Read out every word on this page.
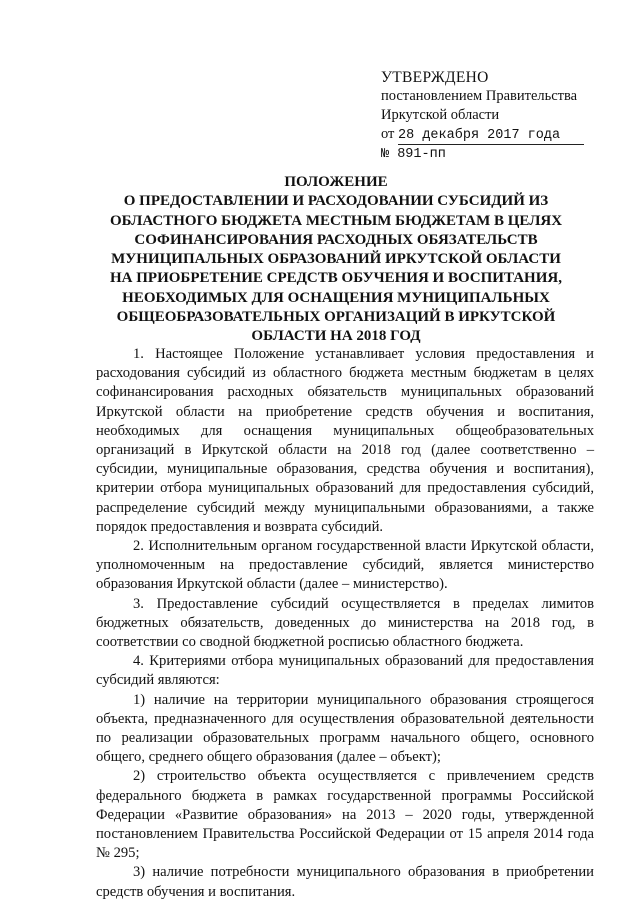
УТВЕРЖДЕНО
постановлением Правительства
Иркутской области
от 28 декабря 2017 года
№ 891-пп
ПОЛОЖЕНИЕ
О ПРЕДОСТАВЛЕНИИ И РАСХОДОВАНИИ СУБСИДИЙ ИЗ
ОБЛАСТНОГО БЮДЖЕТА МЕСТНЫМ БЮДЖЕТАМ В ЦЕЛЯХ
СОФИНАНСИРОВАНИЯ РАСХОДНЫХ ОБЯЗАТЕЛЬСТВ
МУНИЦИПАЛЬНЫХ ОБРАЗОВАНИЙ ИРКУТСКОЙ ОБЛАСТИ
НА ПРИОБРЕТЕНИЕ СРЕДСТВ ОБУЧЕНИЯ И ВОСПИТАНИЯ,
НЕОБХОДИМЫХ ДЛЯ ОСНАЩЕНИЯ МУНИЦИПАЛЬНЫХ
ОБЩЕОБРАЗОВАТЕЛЬНЫХ ОРГАНИЗАЦИЙ В ИРКУТСКОЙ
ОБЛАСТИ НА 2018 ГОД

1. Настоящее Положение устанавливает условия предоставления и расходования субсидий из областного бюджета местным бюджетам в целях софинансирования расходных обязательств муниципальных образований Иркутской области на приобретение средств обучения и воспитания, необходимых для оснащения муниципальных общеобразовательных организаций в Иркутской области на 2018 год (далее соответственно – субсидии, муниципальные образования, средства обучения и воспитания), критерии отбора муниципальных образований для предоставления субсидий, распределение субсидий между муниципальными образованиями, а также порядок предоставления и возврата субсидий.

2. Исполнительным органом государственной власти Иркутской области, уполномоченным на предоставление субсидий, является министерство образования Иркутской области (далее – министерство).

3. Предоставление субсидий осуществляется в пределах лимитов бюджетных обязательств, доведенных до министерства на 2018 год, в соответствии со сводной бюджетной росписью областного бюджета.

4. Критериями отбора муниципальных образований для предоставления субсидий являются:

1) наличие на территории муниципального образования строящегося объекта, предназначенного для осуществления образовательной деятельности по реализации образовательных программ начального общего, основного общего, среднего общего образования (далее – объект);

2) строительство объекта осуществляется с привлечением средств федерального бюджета в рамках государственной программы Российской Федерации «Развитие образования» на 2013 – 2020 годы, утвержденной постановлением Правительства Российской Федерации от 15 апреля 2014 года № 295;

3) наличие потребности муниципального образования в приобретении средств обучения и воспитания.
